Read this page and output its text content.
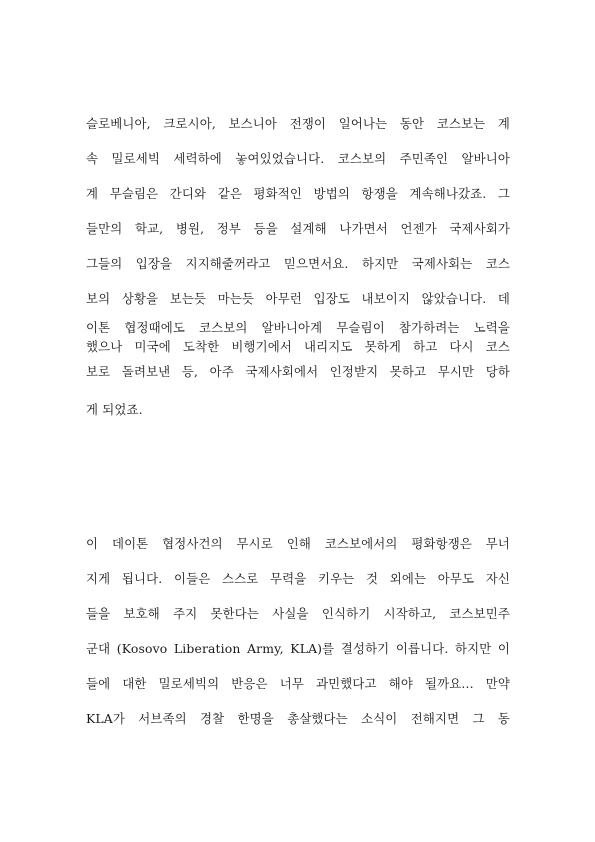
슬로베니아, 크로시아, 보스니아 전쟁이 일어나는 동안 코스보는 계
속 밀로세빅 세력하에 놓여있었습니다. 코스보의 주민족인 알바니아
계 무슬림은 간디와 같은 평화적인 방법의 항쟁을 계속해나갔죠. 그
들만의 학교, 병원, 정부 등을 설계해 나가면서 언젠가 국제사회가
그들의 입장을 지지해줄꺼라고 믿으면서요. 하지만 국제사회는 코스
보의 상황을 보는듯 마는듯 아무런 입장도 내보이지 않았습니다. 데
이톤 협정때에도 코스보의 알바니아계 무슬림이 참가하려는 노력을
했으나 미국에 도착한 비행기에서 내리지도 못하게 하고 다시 코스
보로 돌려보낸 등, 아주 국제사회에서 인정받지 못하고 무시만 당하
게 되었죠.
이 데이톤 협정사건의 무시로 인해 코스보에서의 평화항쟁은 무너
지게 됩니다. 이들은 스스로 무력을 키우는 것 외에는 아무도 자신
들을 보호해 주지 못한다는 사실을 인식하기 시작하고, 코스보민주
군대 (Kosovo Liberation Army, KLA)를 결성하기 이릅니다. 하지만 이
들에 대한 밀로세빅의 반응은 너무 과민했다고 해야 될까요... 만약
KLA가 서브족의 경찰 한명을 총살했다는 소식이 전해지면 그 동
